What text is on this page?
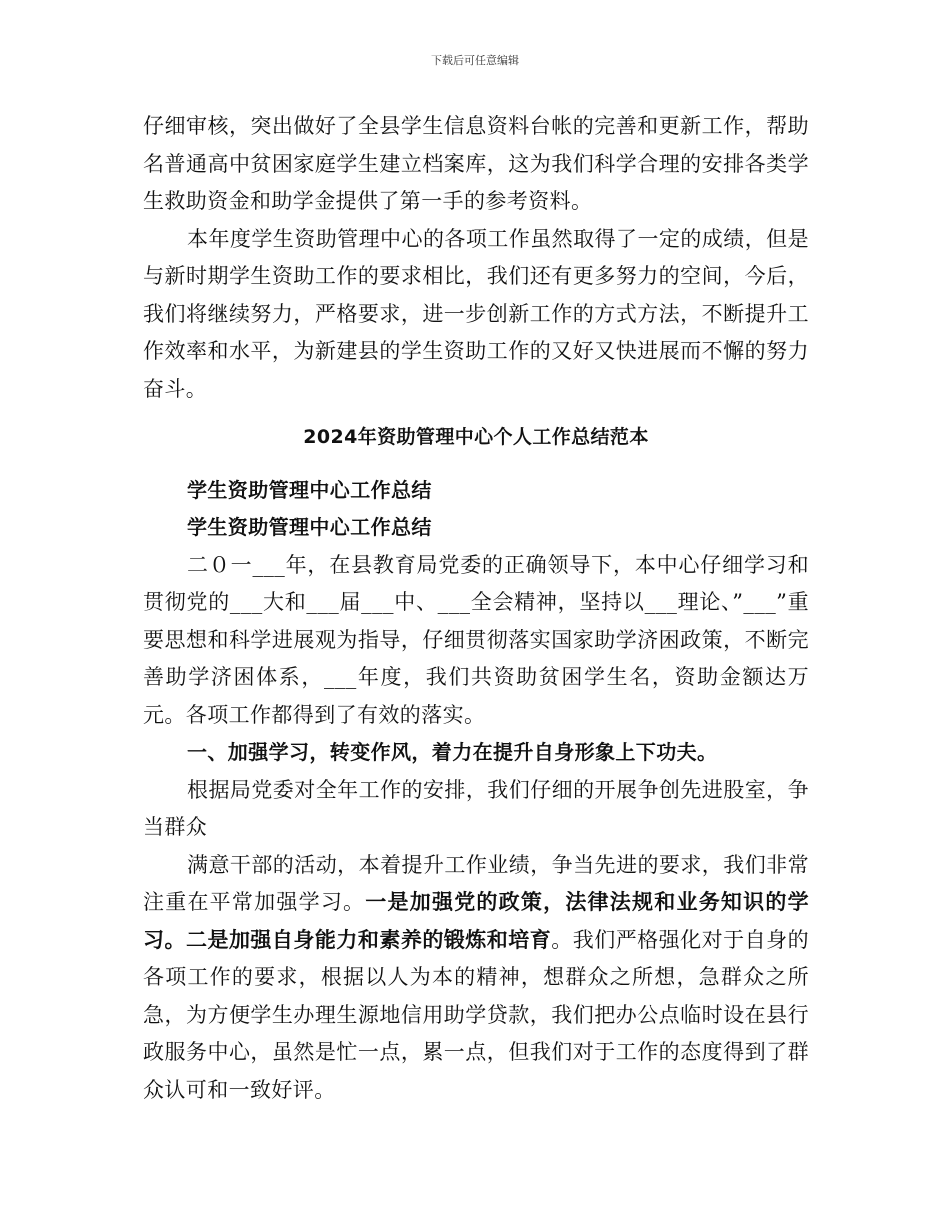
下载后可任意编辑

仔细审核，突出做好了全县学生信息资料台帐的完善和更新工作，帮助名普通高中贫困家庭学生建立档案库，这为我们科学合理的安排各类学生救助资金和助学金提供了第一手的参考资料。

本年度学生资助管理中心的各项工作虽然取得了一定的成绩，但是与新时期学生资助工作的要求相比，我们还有更多努力的空间，今后，我们将继续努力，严格要求，进一步创新工作的方式方法，不断提升工作效率和水平，为新建县的学生资助工作的又好又快进展而不懈的努力奋斗。

2024年资助管理中心个人工作总结范本

学生资助管理中心工作总结

学生资助管理中心工作总结

二０一___年，在县教育局党委的正确领导下，本中心仔细学习和贯彻党的___大和___届___中、___全会精神，坚持以___理论、”___”重要思想和科学进展观为指导，仔细贯彻落实国家助学济困政策，不断完善助学济困体系，___年度，我们共资助贫困学生名，资助金额达万元。各项工作都得到了有效的落实。

一、加强学习，转变作风，着力在提升自身形象上下功夫。

根据局党委对全年工作的安排，我们仔细的开展争创先进股室，争当群众

满意干部的活动，本着提升工作业绩，争当先进的要求，我们非常注重在平常加强学习。一是加强党的政策，法律法规和业务知识的学习。二是加强自身能力和素养的锻炼和培育。我们严格强化对于自身的各项工作的要求，根据以人为本的精神，想群众之所想，急群众之所急，为方便学生办理生源地信用助学贷款，我们把办公点临时设在县行政服务中心，虽然是忙一点，累一点，但我们对于工作的态度得到了群众认可和一致好评。
